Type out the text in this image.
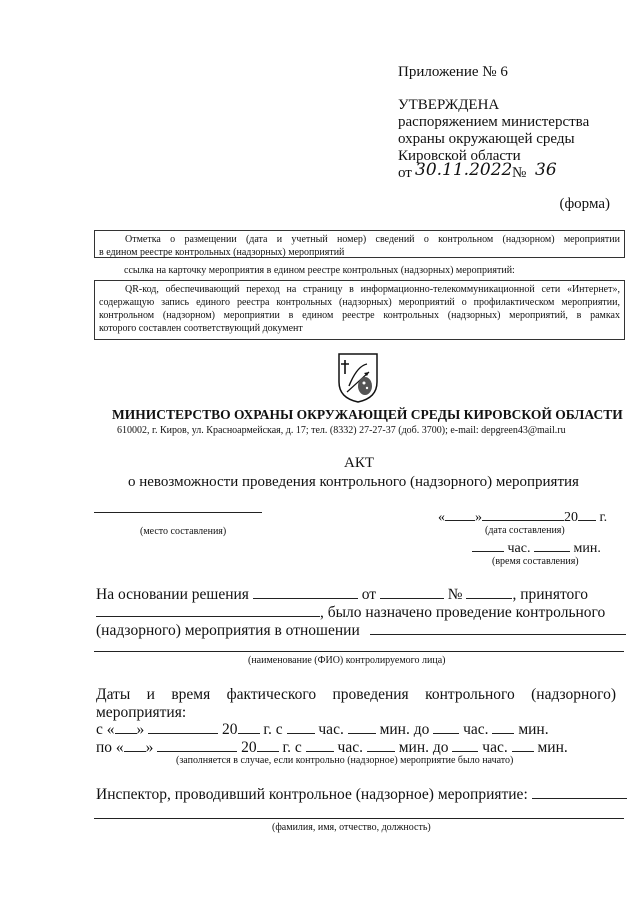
Приложение № 6
УТВЕРЖДЕНА
распоряжением министерства
охраны окружающей среды
Кировской области
от 30.11.2022 № 36
(форма)
Отметка о размещении (дата и учетный номер) сведений о контрольном (надзорном) мероприятии
в едином реестре контрольных (надзорных) мероприятий
ссылка на карточку мероприятия в едином реестре контрольных (надзорных) мероприятий:
QR-код, обеспечивающий переход на страницу в информационно-телекоммуникационной сети «Интернет»,
содержащую запись единого реестра контрольных (надзорных) мероприятий о профилактическом мероприятии,
контрольном (надзорном) мероприятии в едином реестре контрольных (надзорных) мероприятий, в рамках
которого составлен соответствующий документ
МИНИСТЕРСТВО ОХРАНЫ ОКРУЖАЮЩЕЙ СРЕДЫ КИРОВСКОЙ ОБЛАСТИ
610002, г. Киров, ул. Красноармейская, д. 17; тел. (8332) 27-27-37 (доб. 3700); e-mail: depgreen43@mail.ru
АКТ
о невозможности проведения контрольного (надзорного) мероприятия
(место составления)
« »	20 г.
(дата составления)
час.	мин.
(время составления)
На основании решения	от	№	, принятого
, было назначено проведение контрольного
(надзорного) мероприятия в отношении
(наименование (ФИО) контролируемого лица)
Даты и время фактического проведения контрольного (надзорного)
мероприятия:
с « »	20 г. с час. мин. до час. мин.
по « »	20 г. с час. мин. до час. мин.
(заполняется в случае, если контрольно (надзорное) мероприятие было начато)
Инспектор, проводивший контрольное (надзорное) мероприятие:
(фамилия, имя, отчество, должность)
